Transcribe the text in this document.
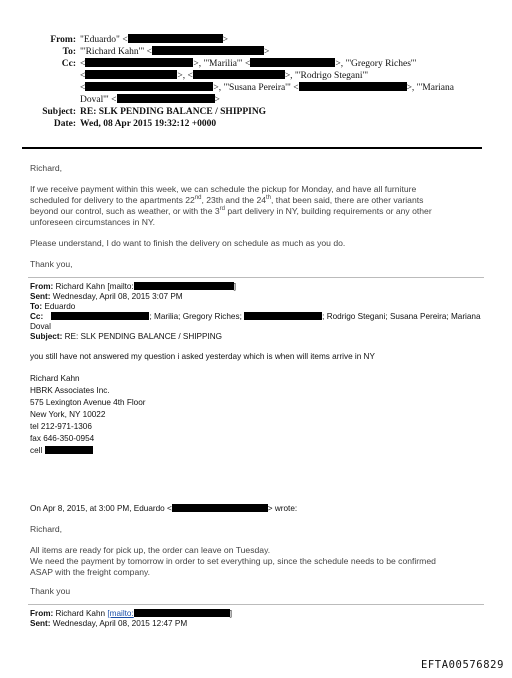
From: "Eduardo" <	>
To: "'Richard Kahn'" <	>
Cc: <	>, "'Marilia'" <	>, "'Gregory Riches'"
<	>, <	>, "'Rodrigo Stegani'"
<	>, "'Susana Pereira'" <	>, "'Mariana
Doval'" <	>
Subject: RE: SLK PENDING BALANCE / SHIPPING
Date: Wed, 08 Apr 2015 19:32:12 +0000
Richard,
If we receive payment within this week, we can schedule the pickup for Monday, and have all furniture
scheduled for delivery to the apartments 22nd, 23th and the 24th, that been said, there are other variants
beyond our control, such as weather, or with the 3rd part delivery in NY, building requirements or any other
unforeseen circumstances in NY.
Please understand, I do want to finish the delivery on schedule as much as you do.
Thank you,
From: Richard Kahn [mailto:	]
Sent: Wednesday, April 08, 2015 3:07 PM
To: Eduardo
Cc:	; Marilia; Gregory Riches;	; Rodrigo Stegani; Susana Pereira; Mariana
Doval
Subject: RE: SLK PENDING BALANCE / SHIPPING
you still have not answered my question i asked yesterday which is when will items arrive in NY
Richard Kahn
HBRK Associates Inc.
575 Lexington Avenue 4th Floor
New York, NY 10022
tel 212-971-1306
fax 646-350-0954
cell
On Apr 8, 2015, at 3:00 PM, Eduardo <	> wrote:
Richard,
All items are ready for pick up, the order can leave on Tuesday.
We need the payment by tomorrow in order to set everything up, since the schedule needs to be confirmed
ASAP with the freight company.
Thank you
From: Richard Kahn [mailto:	]
Sent: Wednesday, April 08, 2015 12:47 PM
EFTA00576829
